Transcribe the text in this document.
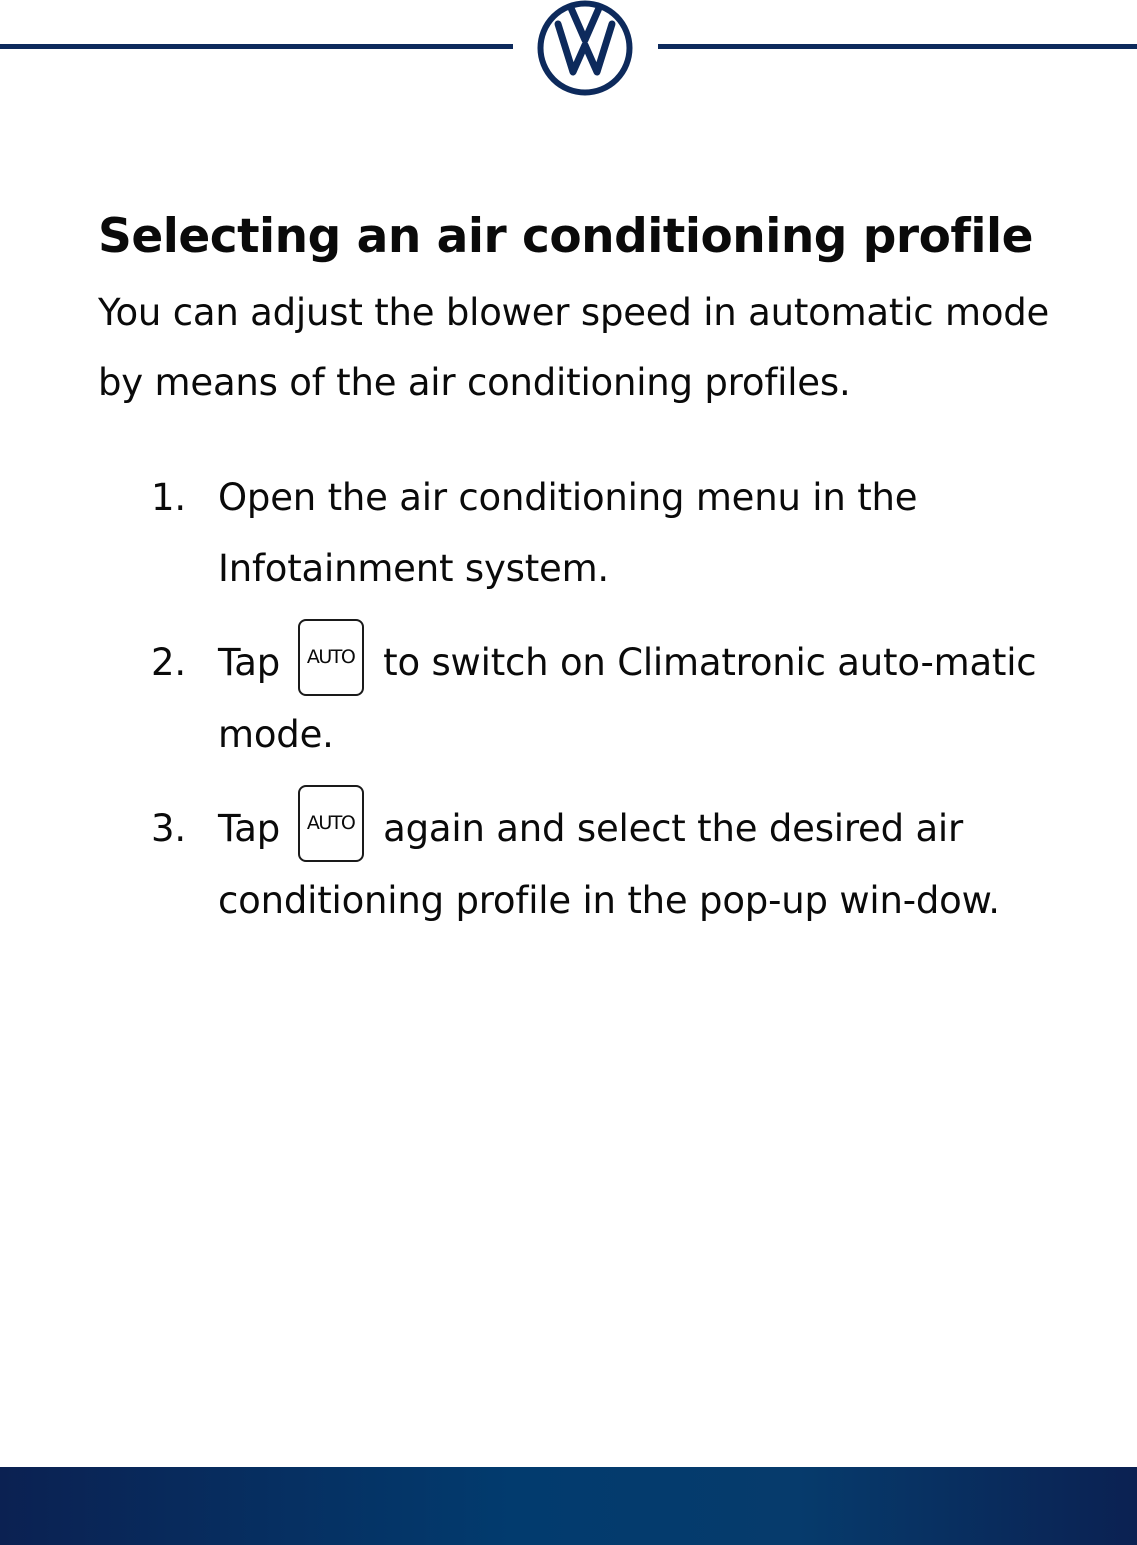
Selecting an air conditioning profile

You can adjust the blower speed in automatic mode by means of the air conditioning profiles.

1. Open the air conditioning menu in the Infotainment system.
2. Tap AUTO to switch on Climatronic auto-matic mode.
3. Tap AUTO again and select the desired air conditioning profile in the pop-up win-dow.
